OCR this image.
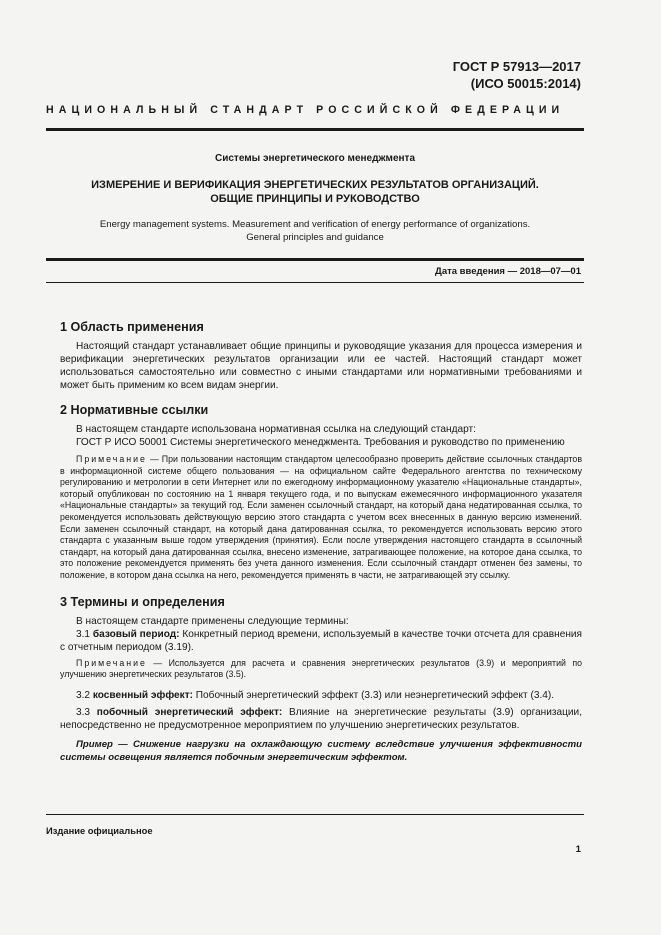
ГОСТ Р 57913—2017
(ИСО 50015:2014)
НАЦИОНАЛЬНЫЙ СТАНДАРТ РОССИЙСКОЙ ФЕДЕРАЦИИ
Системы энергетического менеджмента
ИЗМЕРЕНИЕ И ВЕРИФИКАЦИЯ ЭНЕРГЕТИЧЕСКИХ РЕЗУЛЬТАТОВ ОРГАНИЗАЦИЙ.
ОБЩИЕ ПРИНЦИПЫ И РУКОВОДСТВО
Energy management systems. Measurement and verification of energy performance of organizations.
General principles and guidance
Дата введения — 2018—07—01
1 Область применения

Настоящий стандарт устанавливает общие принципы и руководящие указания для процесса измерения и верификации энергетических результатов организации или ее частей. Настоящий стандарт может использоваться самостоятельно или совместно с иными стандартами или нормативными требованиями и может быть применим ко всем видам энергии.

2 Нормативные ссылки

В настоящем стандарте использована нормативная ссылка на следующий стандарт:

ГОСТ Р ИСО 50001 Системы энергетического менеджмента. Требования и руководство по применению

Примечание — При пользовании настоящим стандартом целесообразно проверить действие ссылочных стандартов в информационной системе общего пользования — на официальном сайте Федерального агентства по техническому регулированию и метрологии в сети Интернет или по ежегодному информационному указателю «Национальные стандарты», который опубликован по состоянию на 1 января текущего года, и по выпускам ежемесячного информационного указателя «Национальные стандарты» за текущий год. Если заменен ссылочный стандарт, на который дана недатированная ссылка, то рекомендуется использовать действующую версию этого стандарта с учетом всех внесенных в данную версию изменений. Если заменен ссылочный стандарт, на который дана датированная ссылка, то рекомендуется использовать версию этого стандарта с указанным выше годом утверждения (принятия). Если после утверждения настоящего стандарта в ссылочный стандарт, на который дана датированная ссылка, внесено изменение, затрагивающее положение, на которое дана ссылка, то это положение рекомендуется применять без учета данного изменения. Если ссылочный стандарт отменен без замены, то положение, в котором дана ссылка на него, рекомендуется применять в части, не затрагивающей эту ссылку.

3 Термины и определения

В настоящем стандарте применены следующие термины:

3.1 базовый период: Конкретный период времени, используемый в качестве точки отсчета для сравнения с отчетным периодом (3.19).

Примечание — Используется для расчета и сравнения энергетических результатов (3.9) и мероприятий по улучшению энергетических результатов (3.5).

3.2 косвенный эффект: Побочный энергетический эффект (3.3) или неэнергетический эффект (3.4).

3.3 побочный энергетический эффект: Влияние на энергетические результаты (3.9) организации, непосредственно не предусмотренное мероприятием по улучшению энергетических результатов.

Пример — Снижение нагрузки на охлаждающую систему вследствие улучшения эффективности системы освещения является побочным энергетическим эффектом.

Издание официальное
1
